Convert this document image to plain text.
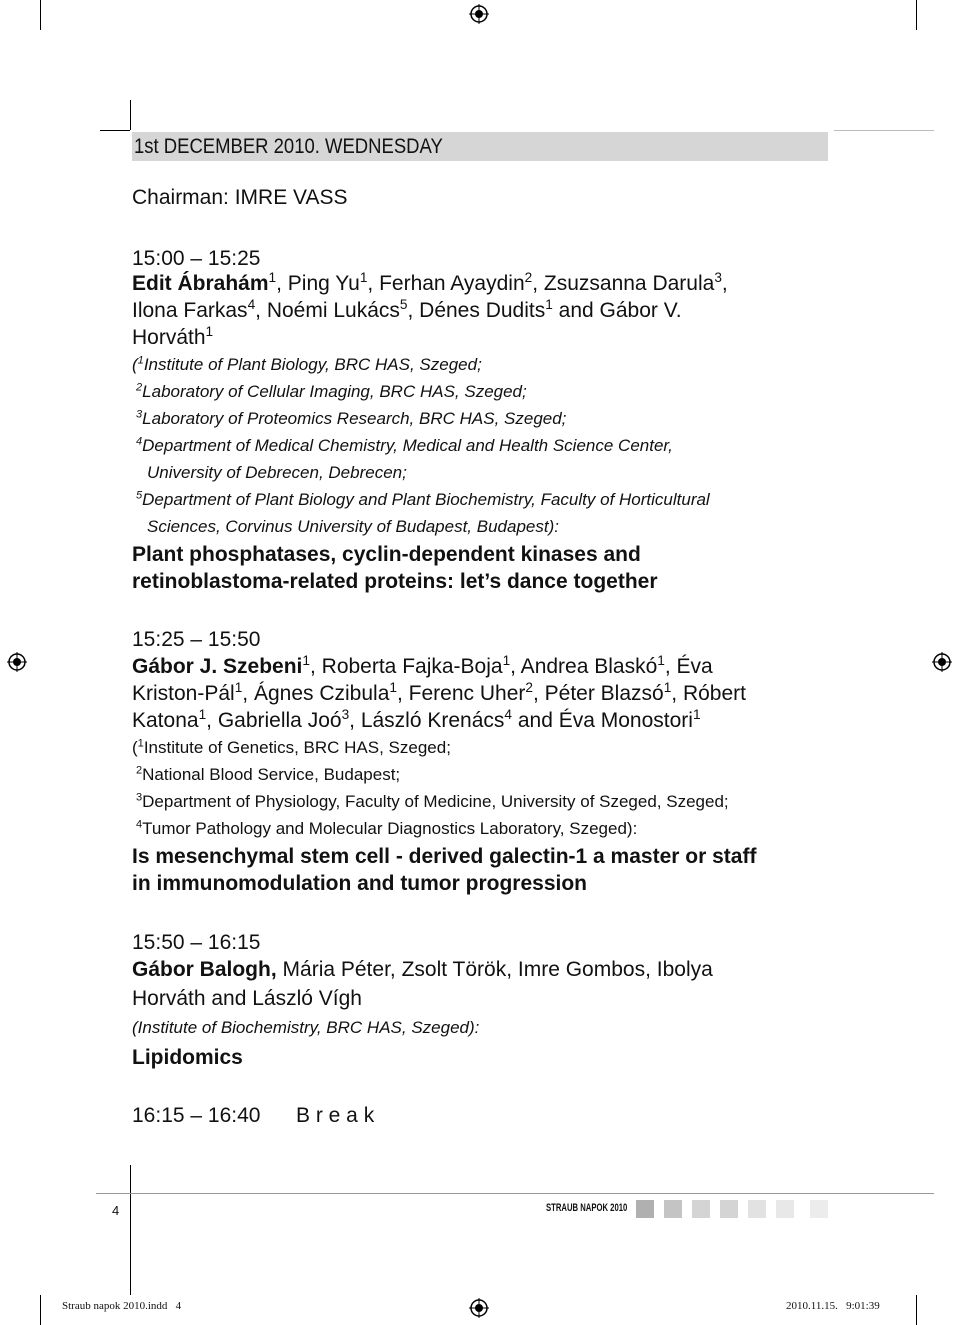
1st DECEMBER 2010. WEDNESDAY
Chairman: IMRE VASS
15:00 – 15:25
Edit Ábrahám$^1$, Ping Yu$^1$, Ferhan Ayaydin$^2$, Zsuzsanna Darula$^3$,
Ilona Farkas$^4$, Noémi Lukács$^5$, Dénes Dudits$^1$ and Gábor V.
Horváth$^1$
($^1$Institute of Plant Biology, BRC HAS, Szeged;
$^2$Laboratory of Cellular Imaging, BRC HAS, Szeged;
$^3$Laboratory of Proteomics Research, BRC HAS, Szeged;
$^4$Department of Medical Chemistry, Medical and Health Science Center,
University of Debrecen, Debrecen;
$^5$Department of Plant Biology and Plant Biochemistry, Faculty of Horticultural
Sciences, Corvinus University of Budapest, Budapest):
Plant phosphatases, cyclin-dependent kinases and
retinoblastoma-related proteins: let’s dance together
15:25 – 15:50
Gábor J. Szebeni$^1$, Roberta Fajka-Boja$^1$, Andrea Blaskó$^1$, Éva
Kriston-Pál$^1$, Ágnes Czibula$^1$, Ferenc Uher$^2$, Péter Blazsó$^1$, Róbert
Katona$^1$, Gabriella Joó$^3$, László Krenács$^4$ and Éva Monostori$^1$
($^1$Institute of Genetics, BRC HAS, Szeged;
$^2$National Blood Service, Budapest;
$^3$Department of Physiology, Faculty of Medicine, University of Szeged, Szeged;
$^4$Tumor Pathology and Molecular Diagnostics Laboratory, Szeged):
Is mesenchymal stem cell - derived galectin-1 a master or staff
in immunomodulation and tumor progression
15:50 – 16:15
Gábor Balogh, Mária Péter, Zsolt Török, Imre Gombos, Ibolya
Horváth and László Vígh
(Institute of Biochemistry, BRC HAS, Szeged):
Lipidomics
16:15 – 16:40 B r e a k
4	STRAUB NAPOK 2010
Straub napok 2010.indd   4	2010.11.15.   9:01:39
